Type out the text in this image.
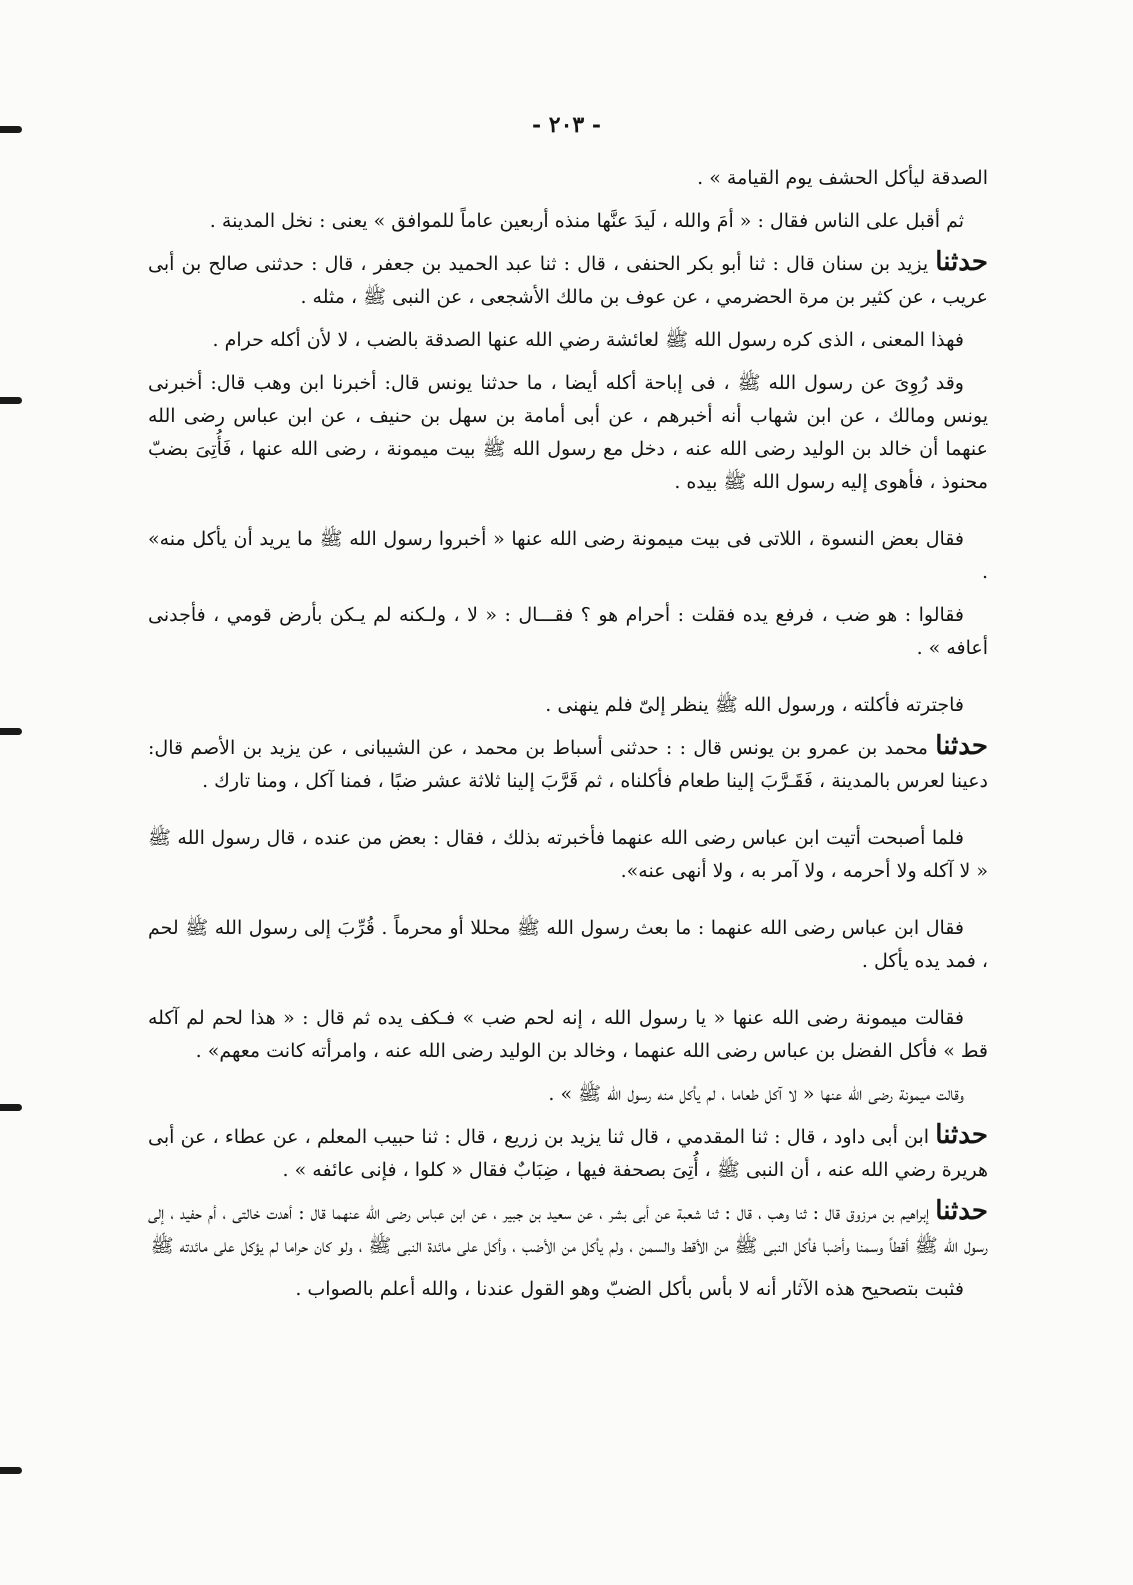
- ٢٠٣ -

الصدقة ليأكل الحشف يوم القيامة » .

ثم أقبل على الناس فقال : « أمَ والله ، لَيدَ عنَّها منذه أربعين عاماً للموافق » يعنى : نخل المدينة .

حدثنا يزيد بن سنان قال : ثنا أبو بكر الحنفى ، قال : ثنا عبد الحميد بن جعفر ، قال : حدثنى صالح بن أبى عريب ، عن كثير بن مرة الحضرمي ، عن عوف بن مالك الأشجعى ، عن النبى ﷺ ، مثله .

فهذا المعنى ، الذى كره رسول الله ﷺ لعائشة رضي الله عنها الصدقة بالضب ، لا لأن أكله حرام .

وقد رُوِىَ عن رسول الله ﷺ ، فى إباحة أكله أيضا ، ما حدثنا يونس قال: أخبرنا ابن وهب قال: أخبرنى يونس ومالك ، عن ابن شهاب أنه أخبرهم ، عن أبى أمامة بن سهل بن حنيف ، عن ابن عباس رضى الله عنهما أن خالد بن الوليد رضى الله عنه ، دخل مع رسول الله ﷺ بيت ميمونة ، رضى الله عنها ، فَأُتِىَ بضبّ محنوذ ، فأهوى إليه رسول الله ﷺ بيده .

فقال بعض النسوة ، اللاتى فى بيت ميمونة رضى الله عنها « أخبروا رسول الله ﷺ ما يريد أن يأكل منه» .

فقالوا : هو ضب ، فرفع يده فقلت : أحرام هو ؟ فقـــال : « لا ، ولـكنه لم يـكن بأرض قومي ، فأجدنى أعافه » .

فاجترته فأكلته ، ورسول الله ﷺ ينظر إلىّ فلم ينهنى .

حدثنا محمد بن عمرو بن يونس قال : : حدثنى أسباط بن محمد ، عن الشيبانى ، عن يزيد بن الأصم قال: دعينا لعرس بالمدينة ، فَقَـرَّبَ إلينا طعام فأكلناه ، ثم قَرَّبَ إلينا ثلاثة عشر ضبًا ، فمنا آكل ، ومنا تارك .

فلما أصبحت أتيت ابن عباس رضى الله عنهما فأخبرته بذلك ، فقال : بعض من عنده ، قال رسول الله ﷺ « لا آكله ولا أحرمه ، ولا آمر به ، ولا أنهى عنه».

فقال ابن عباس رضى الله عنهما : ما بعث رسول الله ﷺ محللا أو محرماً . قُرِّبَ إلى رسول الله ﷺ لحم ، فمد يده يأكل .

فقالت ميمونة رضى الله عنها « يا رسول الله ، إنه لحم ضب » فـكف يده ثم قال : « هذا لحم لم آكله قط » فأكل الفضل بن عباس رضى الله عنهما ، وخالد بن الوليد رضى الله عنه ، وامرأته كانت معهم» .

وقالت ميمونة رضى الله عنها « لا آكل طعاما ، لم يأكل منه رسول الله ﷺ » .

حدثنا ابن أبى داود ، قال : ثنا المقدمي ، قال ثنا يزيد بن زريع ، قال : ثنا حبيب المعلم ، عن عطاء ، عن أبى هريرة رضي الله عنه ، أن النبى ﷺ ، أُتِىَ بصحفة فيها ، ضِبَابٌ فقال « كلوا ، فإنى عائفه » .

حدثنا إبراهيم بن مرزوق قال : ثنا وهب ، قال : ثنا شعبة عن أبى بشر ، عن سعيد بن جبير ، عن ابن عباس رضى الله عنهما قال : أهدت خالتى ، أم حفيد ، إلى رسول الله ﷺ أقطاً وسمنا وأضبا فأكل النبى ﷺ من الأقط والسمن ، ولم يأكل من الأضب ، وأكل على مائدة النبى ﷺ ، ولو كان حراما لم يؤكل على مائدته ﷺ

فثبت بتصحيح هذه الآثار أنه لا بأس بأكل الضبّ وهو القول عندنا ، والله أعلم بالصواب .
